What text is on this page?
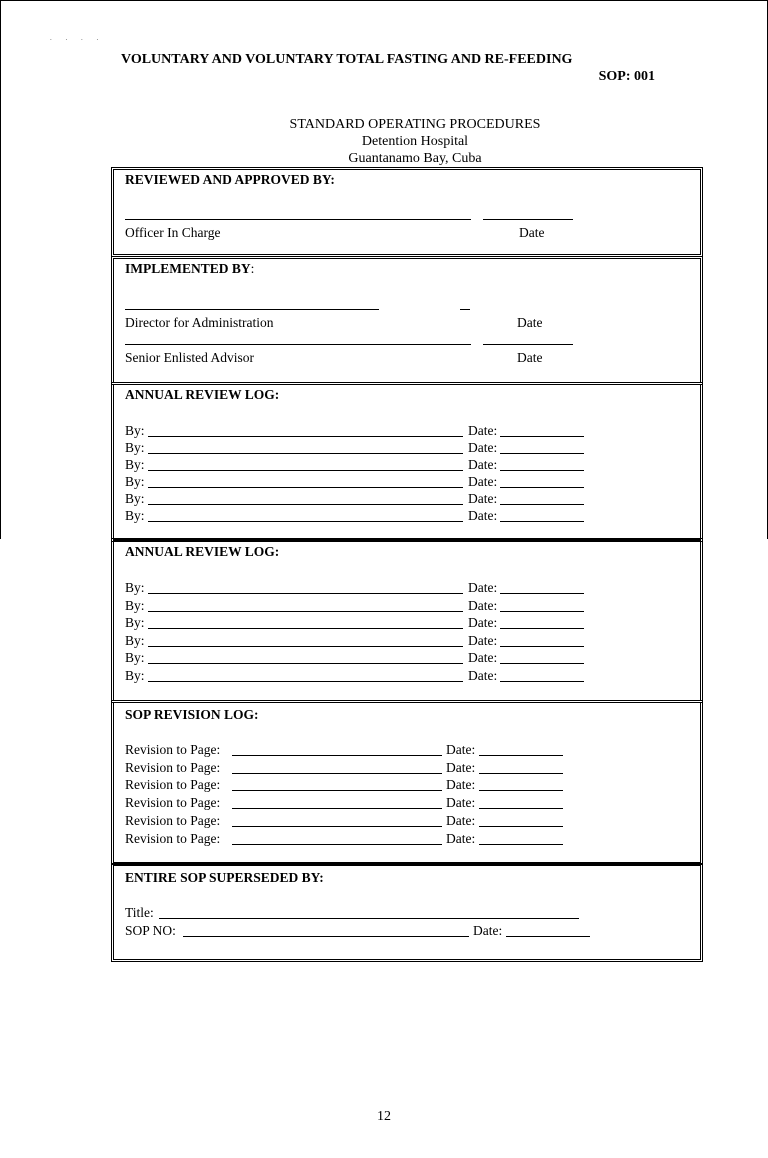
. . . .
VOLUNTARY AND VOLUNTARY TOTAL FASTING AND RE-FEEDING
SOP: 001
STANDARD OPERATING PROCEDURES
Detention Hospital
Guantanamo Bay, Cuba
REVIEWED AND APPROVED BY:
Officer In Charge	Date
IMPLEMENTED BY:
Director for Administration	Date
Senior Enlisted Advisor	Date
ANNUAL REVIEW LOG:
By:	Date:
By:	Date:
By:	Date:
By:	Date:
By:	Date:
By:	Date:
ANNUAL REVIEW LOG:
By:	Date:
By:	Date:
By:	Date:
By:	Date:
By:	Date:
By:	Date:
SOP REVISION LOG:
Revision to Page:	Date:
Revision to Page:	Date:
Revision to Page:	Date:
Revision to Page:	Date:
Revision to Page:	Date:
Revision to Page:	Date:
ENTIRE SOP SUPERSEDED BY:
Title:
SOP NO:	Date:
12
